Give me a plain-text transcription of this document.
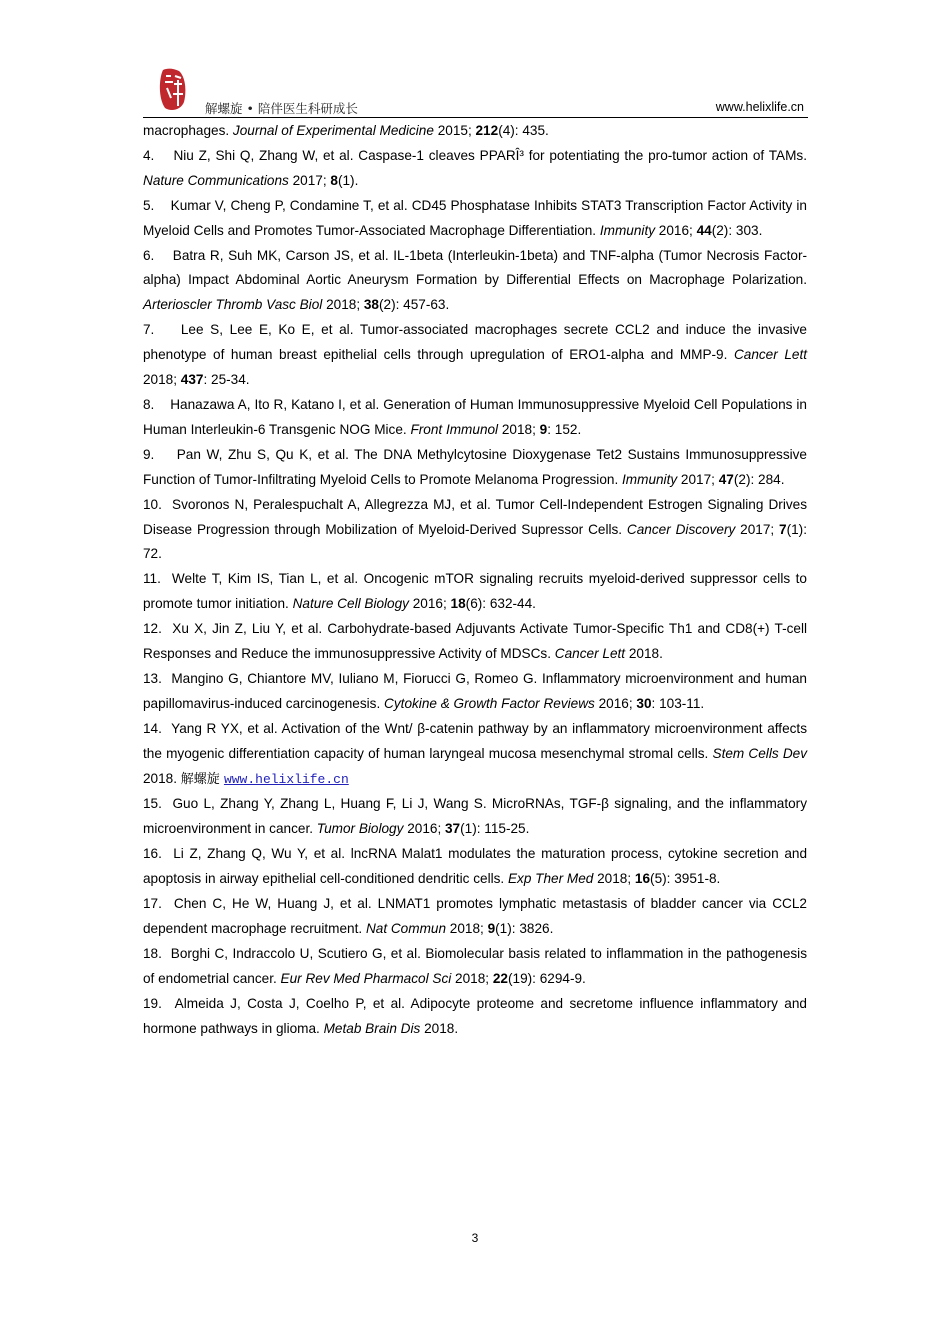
解螺旋 • 陪伴医生科研成长	www.helixlife.cn

macrophages. Journal of Experimental Medicine 2015; 212(4): 435.

4.    Niu Z, Shi Q, Zhang W, et al. Caspase-1 cleaves PPARÎ³ for potentiating the pro-tumor action of TAMs. Nature Communications 2017; 8(1).

5.    Kumar V, Cheng P, Condamine T, et al. CD45 Phosphatase Inhibits STAT3 Transcription Factor Activity in Myeloid Cells and Promotes Tumor-Associated Macrophage Differentiation. Immunity 2016; 44(2): 303.

6.    Batra R, Suh MK, Carson JS, et al. IL-1beta (Interleukin-1beta) and TNF-alpha (Tumor Necrosis Factor-alpha) Impact Abdominal Aortic Aneurysm Formation by Differential Effects on Macrophage Polarization. Arterioscler Thromb Vasc Biol 2018; 38(2): 457-63.

7.    Lee S, Lee E, Ko E, et al. Tumor-associated macrophages secrete CCL2 and induce the invasive phenotype of human breast epithelial cells through upregulation of ERO1-alpha and MMP-9. Cancer Lett 2018; 437: 25-34.

8.    Hanazawa A, Ito R, Katano I, et al. Generation of Human Immunosuppressive Myeloid Cell Populations in Human Interleukin-6 Transgenic NOG Mice. Front Immunol 2018; 9: 152.

9.    Pan W, Zhu S, Qu K, et al. The DNA Methylcytosine Dioxygenase Tet2 Sustains Immunosuppressive Function of Tumor-Infiltrating Myeloid Cells to Promote Melanoma Progression. Immunity 2017; 47(2): 284.

10.  Svoronos N, Peralespuchalt A, Allegrezza MJ, et al. Tumor Cell-Independent Estrogen Signaling Drives Disease Progression through Mobilization of Myeloid-Derived Supressor Cells. Cancer Discovery 2017; 7(1): 72.

11.  Welte T, Kim IS, Tian L, et al. Oncogenic mTOR signaling recruits myeloid-derived suppressor cells to promote tumor initiation. Nature Cell Biology 2016; 18(6): 632-44.

12.  Xu X, Jin Z, Liu Y, et al. Carbohydrate-based Adjuvants Activate Tumor-Specific Th1 and CD8(+) T-cell Responses and Reduce the immunosuppressive Activity of MDSCs. Cancer Lett 2018.

13.  Mangino G, Chiantore MV, Iuliano M, Fiorucci G, Romeo G. Inflammatory microenvironment and human papillomavirus-induced carcinogenesis. Cytokine & Growth Factor Reviews 2016; 30: 103-11.

14.  Yang R YX, et al. Activation of the Wnt/ β-catenin pathway by an inflammatory microenvironment affects the myogenic differentiation capacity of human laryngeal mucosa mesenchymal stromal cells. Stem Cells Dev 2018. 解螺旋 www.helixlife.cn

15.  Guo L, Zhang Y, Zhang L, Huang F, Li J, Wang S. MicroRNAs, TGF-β signaling, and the inflammatory microenvironment in cancer. Tumor Biology 2016; 37(1): 115-25.

16.  Li Z, Zhang Q, Wu Y, et al. lncRNA Malat1 modulates the maturation process, cytokine secretion and apoptosis in airway epithelial cell-conditioned dendritic cells. Exp Ther Med 2018; 16(5): 3951-8.

17.  Chen C, He W, Huang J, et al. LNMAT1 promotes lymphatic metastasis of bladder cancer via CCL2 dependent macrophage recruitment. Nat Commun 2018; 9(1): 3826.

18.  Borghi C, Indraccolo U, Scutiero G, et al. Biomolecular basis related to inflammation in the pathogenesis of endometrial cancer. Eur Rev Med Pharmacol Sci 2018; 22(19): 6294-9.

19.  Almeida J, Costa J, Coelho P, et al. Adipocyte proteome and secretome influence inflammatory and hormone pathways in glioma. Metab Brain Dis 2018.

3
